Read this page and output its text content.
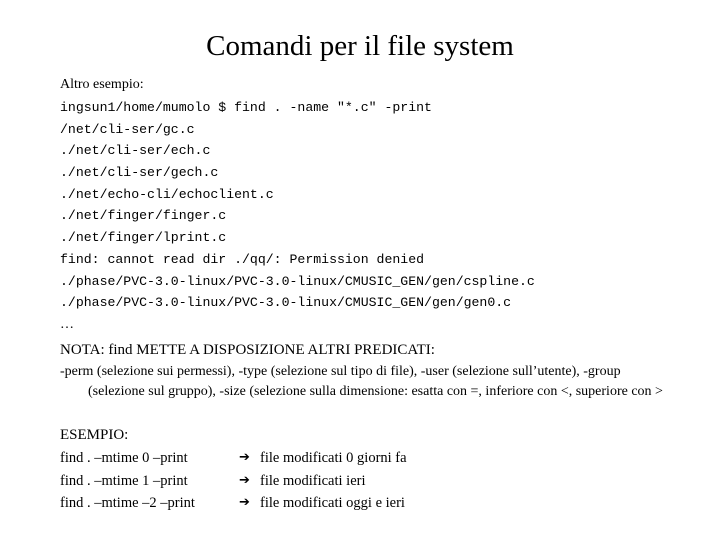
Comandi per il file system
Altro esempio:
ingsun1/home/mumolo $ find . -name "*.c" -print
/net/cli-ser/gc.c
./net/cli-ser/ech.c
./net/cli-ser/gech.c
./net/echo-cli/echoclient.c
./net/finger/finger.c
./net/finger/lprint.c
find: cannot read dir ./qq/: Permission denied
./phase/PVC-3.0-linux/PVC-3.0-linux/CMUSIC_GEN/gen/cspline.c
./phase/PVC-3.0-linux/PVC-3.0-linux/CMUSIC_GEN/gen/gen0.c
…
NOTA: find METTE A DISPOSIZIONE ALTRI PREDICATI:
-perm (selezione sui permessi), -type (selezione sul tipo di file), -user (selezione sull’utente), -group (selezione sul gruppo), -size (selezione sulla dimensione: esatta con =, inferiore con <, superiore con >
ESEMPIO:
find . –mtime 0 –print	➔ file modificati 0 giorni fa
find . –mtime 1 –print	➔ file modificati ieri
find . –mtime –2 –print	➔ file modificati oggi e ieri
